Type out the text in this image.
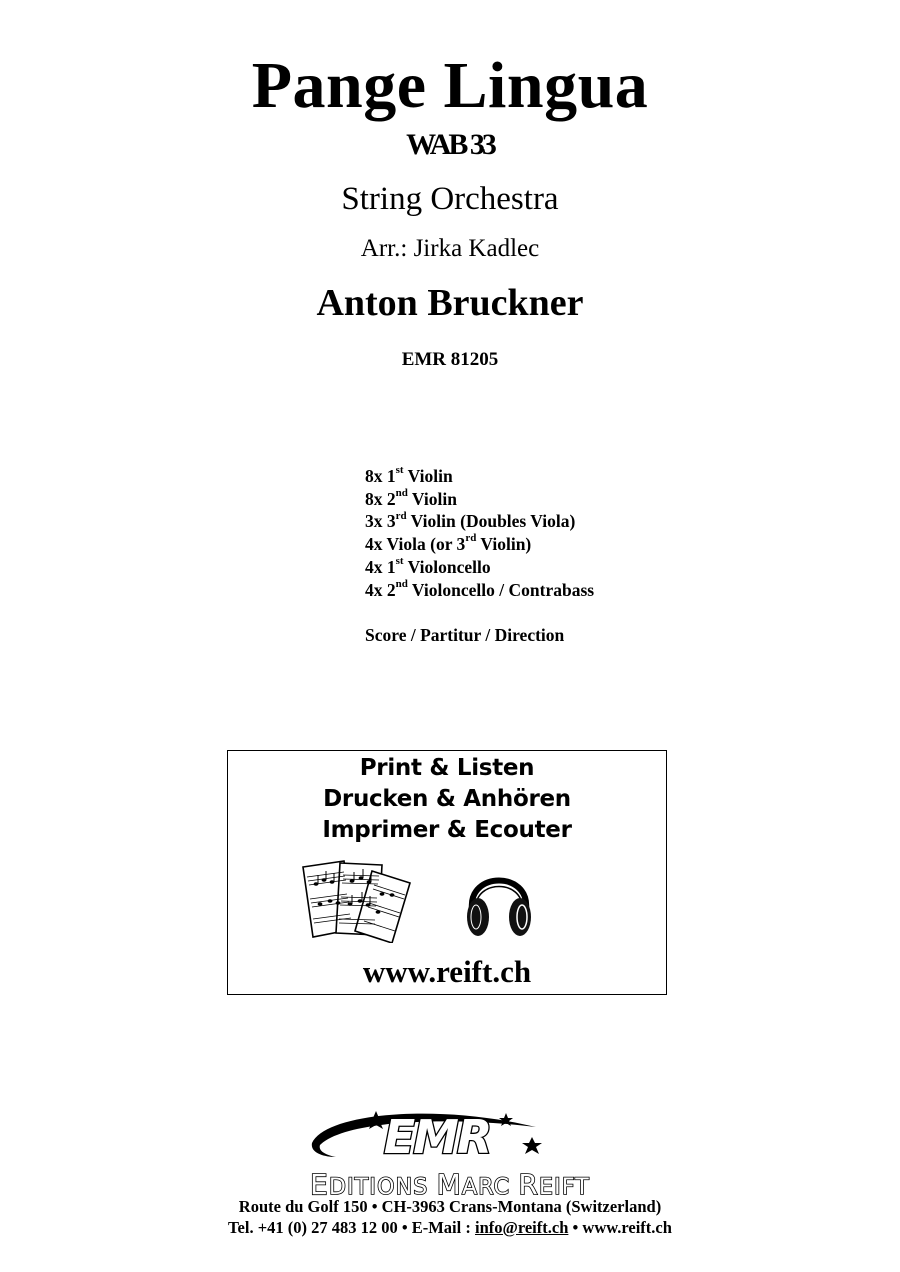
Pange Lingua
WAB 33
String Orchestra
Arr.: Jirka Kadlec
Anton Bruckner
EMR 81205
8x 1st Violin
8x 2nd Violin
3x 3rd Violin (Doubles Viola)
4x Viola (or 3rd Violin)
4x 1st Violoncello
4x 2nd Violoncello / Contrabass
Score / Partitur / Direction
Print & Listen
Drucken & Anhören
Imprimer & Ecouter
www.reift.ch
EMR
EDITIONS MARC REIFT
Route du Golf 150 • CH-3963 Crans-Montana (Switzerland)
Tel. +41 (0) 27 483 12 00 • E-Mail : info@reift.ch • www.reift.ch
